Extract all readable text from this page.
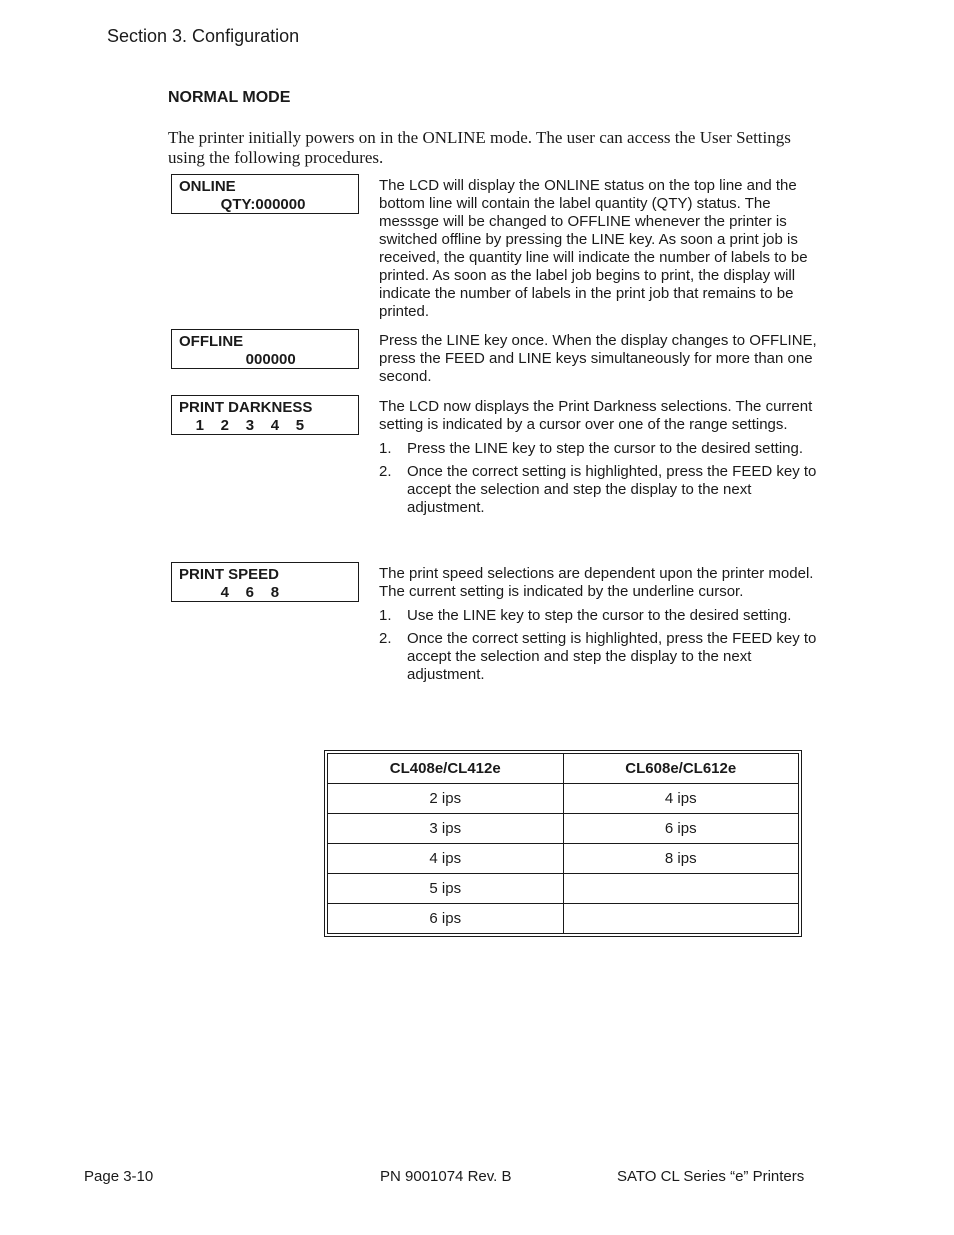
Section 3. Configuration
NORMAL MODE
The printer initially powers on in the ONLINE mode. The user can access the User Settings using the following procedures.
ONLINE
QTY:000000

The LCD will display the ONLINE status on the top line and the bottom line will contain the label quantity (QTY) status. The messsge will be changed to OFFLINE whenever the printer is switched offline by pressing the LINE key. As soon a print job is received, the quantity line will indicate the number of labels to be printed. As soon as the label job begins to print, the display will indicate the number of labels in the print job that remains to be printed.

OFFLINE
000000

Press the LINE key once. When the display changes to OFFLINE, press the FEED and LINE keys simultaneously for more than one second.

PRINT DARKNESS
1    2    3    4    5

The LCD now displays the Print Darkness selections. The current setting is indicated by a cursor over one of the range settings.

1. Press the LINE key to step the cursor to the desired setting.
2. Once the correct setting is highlighted, press the FEED key to accept the selection and step the display to the next adjustment.
PRINT SPEED
4    6    8

The print speed selections are dependent upon the printer model. The current setting is indicated by the underline cursor.

1. Use the LINE key to step the cursor to the desired setting.
2. Once the correct setting is highlighted, press the FEED key to accept the selection and step the display to the next adjustment.
CL408e/CL412e	CL608e/CL612e
2 ips	4 ips
3 ips	6 ips
4 ips	8 ips
5 ips	
6 ips	
Page 3-10	PN 9001074 Rev. B	SATO CL Series “e” Printers
